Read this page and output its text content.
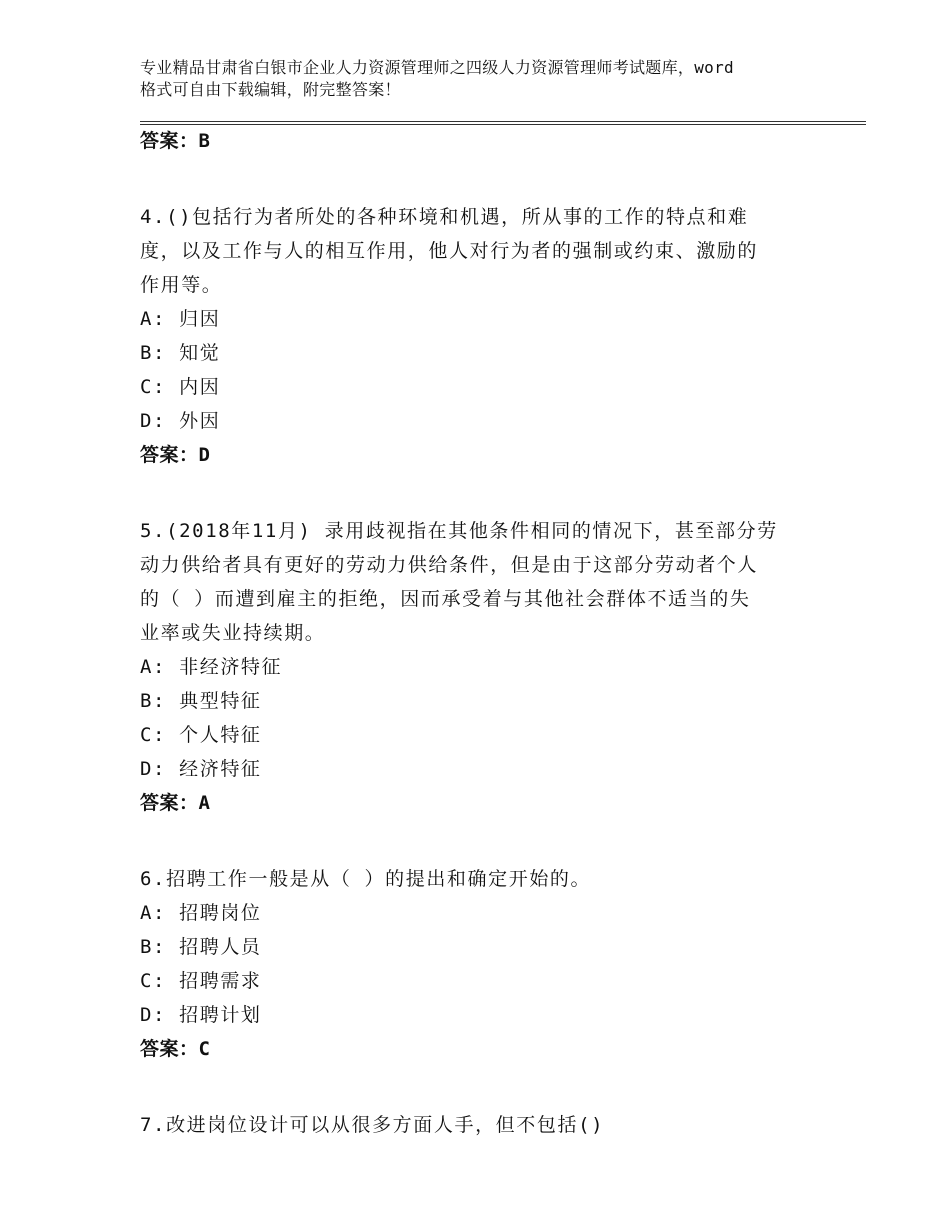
专业精品甘肃省白银市企业人力资源管理师之四级人力资源管理师考试题库，word
格式可自由下载编辑，附完整答案！
答案：B
4.()包括行为者所处的各种环境和机遇，所从事的工作的特点和难
度，以及工作与人的相互作用，他人对行为者的强制或约束、激励的
作用等。
A: 归因
B: 知觉
C: 内因
D: 外因
答案：D
5.(2018年11月) 录用歧视指在其他条件相同的情况下，甚至部分劳
动力供给者具有更好的劳动力供给条件，但是由于这部分劳动者个人
的（ ）而遭到雇主的拒绝，因而承受着与其他社会群体不适当的失
业率或失业持续期。
A: 非经济特征
B: 典型特征
C: 个人特征
D: 经济特征
答案：A
6.招聘工作一般是从（ ）的提出和确定开始的。
A: 招聘岗位
B: 招聘人员
C: 招聘需求
D: 招聘计划
答案：C
7.改进岗位设计可以从很多方面人手，但不包括()
